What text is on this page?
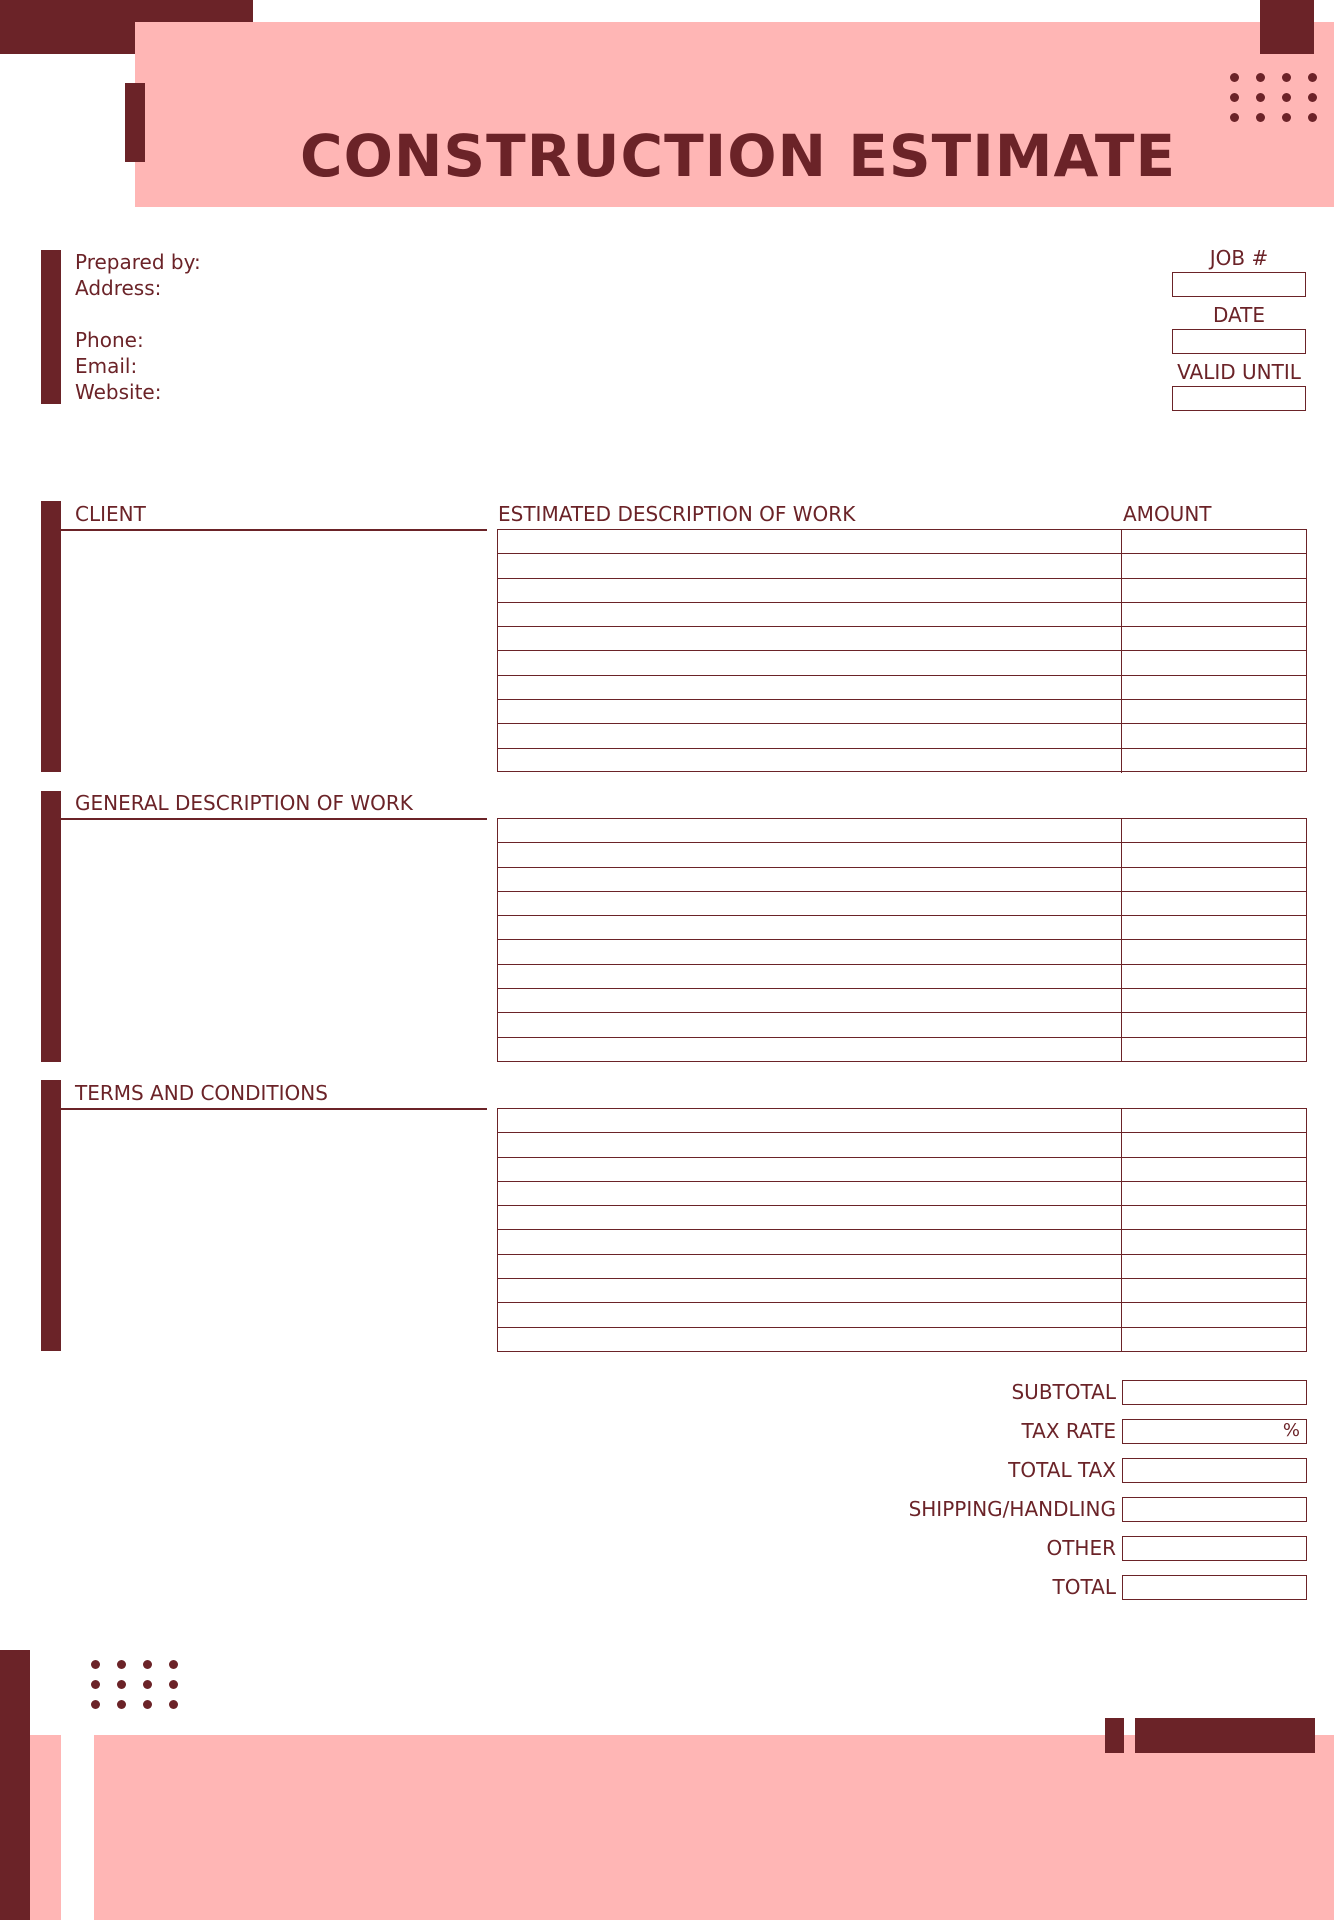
CONSTRUCTION ESTIMATE
Prepared by:
Address:
Phone:
Email:
Website:
JOB #
DATE
VALID UNTIL
CLIENT	ESTIMATED DESCRIPTION OF WORK	AMOUNT
GENERAL DESCRIPTION OF WORK
TERMS AND CONDITIONS
SUBTOTAL
TAX RATE	%
TOTAL TAX
SHIPPING/HANDLING
OTHER
TOTAL
